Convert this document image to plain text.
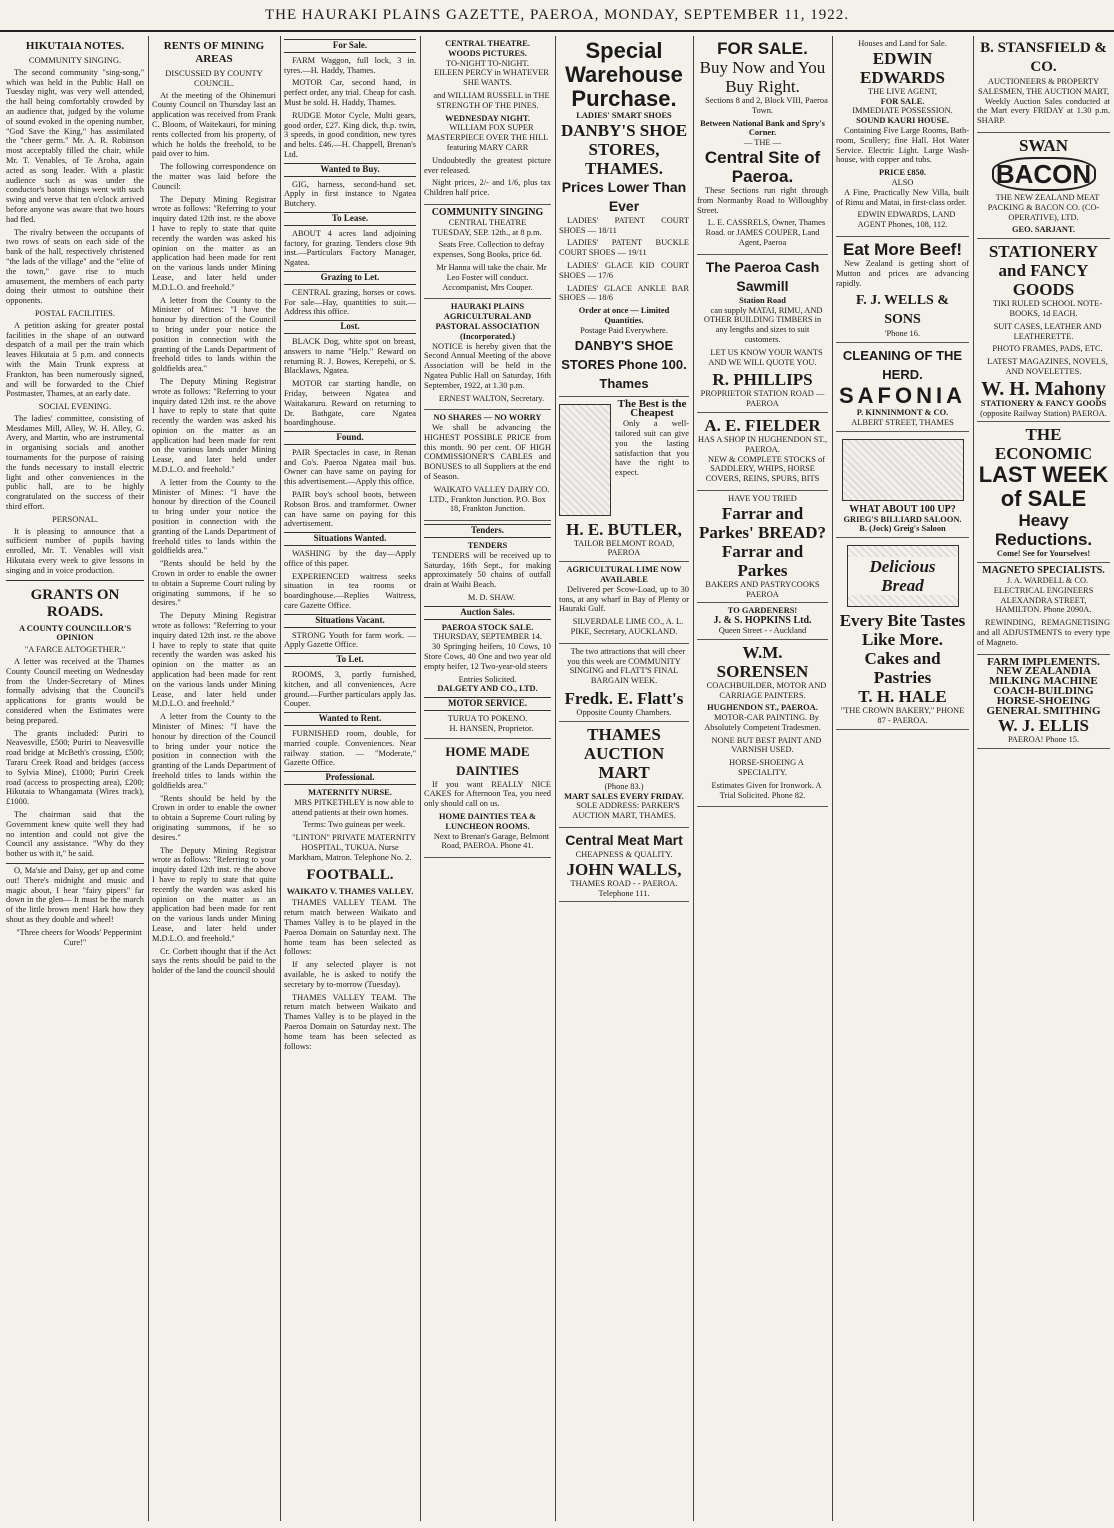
THE HAURAKI PLAINS GAZETTE, PAEROA, MONDAY, SEPTEMBER 11, 1922.
HIKUTAIA NOTES.
COMMUNITY SINGING.

The second community "sing-song," which was held in the Public Hall on Tuesday night, was very well attended, the hall being comfortably crowded by an audience that, judged by the volume of sound evoked in the opening number, "God Save the King," has assimilated the "cheer germ." Mr. A. R. Robinson most acceptably filled the chair, while Mr. T. Venables, of Te Aroha, again acted as song leader. With a plastic audience such as was under the conductor's baton things went with such swing and verve that ten o'clock arrived before anyone was aware that two hours had fled.

The rivalry between the occupants of two rows of seats on each side of the bank of the hall, respectively christened "the lads of the village" and the "elite of the town," gave rise to much amusement, the members of each party doing their utmost to outshine their opponents.

POSTAL FACILITIES.

A petition asking for greater postal facilities in the shape of an outward despatch of a mail per the train which leaves Hikutaia at 5 p.m. and connects with the Main Trunk express at Frankton, has been numerously signed, and will be forwarded to the Chief Postmaster, Thames, at an early date.

SOCIAL EVENING.

The ladies' committee, consisting of Mesdames Mill, Alley, W. H. Alley, G. Avery, and Martin, who are instrumental in organising socials and another tournaments for the purpose of raising the funds necessary to install electric light and other conveniences in the public hall, are to be highly congratulated on the success of their third effort.

PERSONAL.

It is pleasing to announce that a sufficient number of pupils having enrolled, Mr. T. Venables will visit Hikutaia every week to give lessons in singing and in voice production.

GRANTS ON ROADS.
A COUNTY COUNCILLOR'S OPINION
"A FARCE ALTOGETHER."

A letter was received at the Thames County Council meeting on Wednesday from the Under-Secretary of Mines formally advising that the Council's applications for grants would be considered when the Estimates were being prepared.

The grants included: Puriri to Neavesville, £500; Puriri to Neavesville road bridge at McBeth's crossing, £500; Tararu Creek Road and bridges (access to Sylvia Mine), £1000; Puriri Creek road (access to prospecting area), £200; Hikutaia to Whangamata (Wires track), £1000.

The chairman said that the Government knew quite well they had no intention and could not give the Council any assistance. "Why do they bother us with it," he said.

O, Ma'sie and Daisy, get up and come out! There's midnight and music and magic about, I hear "fairy pipers" far down in the glen— It must be the march of the little brown men! Hark how they shout as they double and wheel!

"Three cheers for Woods' Peppermint Cure!"

RENTS OF MINING AREAS
DISCUSSED BY COUNTY COUNCIL.

At the meeting of the Ohinemuri County Council on Thursday last an application was received from Frank C. Bloom, of Waitekauri, for mining rents collected from his property, of which he holds the freehold, to be paid over to him.

The following correspondence on the matter was laid before the Council:

The Deputy Mining Registrar wrote as follows: "Referring to your inquiry dated 12th inst. re the above I have to reply to state that quite recently the warden was asked his opinion on the matter as an application had been made for rent on the various lands under Mining Lease, and later held under M.D.L.O. and freehold."

A letter from the County to the Minister of Mines: "I have the honour by direction of the Council to bring under your notice the position in connection with the granting of the Lands Department of freehold titles to lands within the goldfields area."

The Deputy Mining Registrar wrote as follows: "Referring to your inquiry dated 12th inst. re the above I have to reply to state that quite recently the warden was asked his opinion on the matter as an application had been made for rent on the various lands under Mining Lease, and later held under M.D.L.O. and freehold."

A letter from the County to the Minister of Mines: "I have the honour by direction of the Council to bring under your notice the position in connection with the granting of the Lands Department of freehold titles to lands within the goldfields area."

"Rents should be held by the Crown in order to enable the owner to obtain a Supreme Court ruling by originating summons, if he so desires."

The Deputy Mining Registrar wrote as follows: "Referring to your inquiry dated 12th inst. re the above I have to reply to state that quite recently the warden was asked his opinion on the matter as an application had been made for rent on the various lands under Mining Lease, and later held under M.D.L.O. and freehold."

A letter from the County to the Minister of Mines: "I have the honour by direction of the Council to bring under your notice the position in connection with the granting of the Lands Department of freehold titles to lands within the goldfields area."

"Rents should be held by the Crown in order to enable the owner to obtain a Supreme Court ruling by originating summons, if he so desires."

The Deputy Mining Registrar wrote as follows: "Referring to your inquiry dated 12th inst. re the above I have to reply to state that quite recently the warden was asked his opinion on the matter as an application had been made for rent on the various lands under Mining Lease, and later held under M.D.L.O. and freehold."

Cr. Corbett thought that if the Act says the rents should be paid to the holder of the land the council should

For Sale.

FARM Waggon, full lock, 3 in. tyres.—H. Haddy, Thames.

MOTOR Car, second hand, in perfect order, any trial. Cheap for cash. Must be sold. H. Haddy, Thames.

RUDGE Motor Cycle, Multi gears, good order, £27. King dick, th.p. twin, 3 speeds, in good condition, new tyres and belts. £46.—H. Chappell, Brenan's Ltd.

Wanted to Buy.

GIG, harness, second-hand set. Apply in first instance to Ngatea Butchery.

To Lease.

ABOUT 4 acres land adjoining factory, for grazing. Tenders close 9th inst.—Particulars Factory Manager, Ngatea.

Grazing to Let.

CENTRAL grazing, horses or cows. For sale—Hay, quantities to suit.—Address this office.

Lost.

BLACK Dog, white spot on breast, answers to name "Help." Reward on returning R. J. Bowes, Kerepehi, or S. Blacklaws, Ngatea.

MOTOR car starting handle, on Friday, between Ngatea and Waitakaruru. Reward on returning to Dr. Bathgate, care Ngatea boardinghouse.

Found.

PAIR Spectacles in case, in Renan and Co's. Paeroa Ngatea mail bus. Owner can have same on paying for this advertisement.—Apply this office.

PAIR boy's school boots, between Robson Bros. and tramformer. Owner can have same on paying for this advertisement.

Situations Wanted.

WASHING by the day—Apply office of this paper.

EXPERIENCED waitress seeks situation in tea rooms or boardinghouse.—Replies Waitress, care Gazette Office.

Situations Vacant.

STRONG Youth for farm work. —Apply Gazette Office.

To Let.

ROOMS, 3, partly furnished, kitchen, and all conveniences, Acre ground.—Further particulars apply Jas. Couper.

Wanted to Rent.

FURNISHED room, double, for married couple. Conveniences. Near railway station. — "Moderate," Gazette Office.

Professional.
MATERNITY NURSE.

MRS PITKETHLEY is now able to attend patients at their own homes.

Terms: Two guineas per week.

"LINTON" PRIVATE MATERNITY HOSPITAL, TUKUA. Nurse Markham, Matron. Telephone No. 2.

FOOTBALL.
WAIKATO V. THAMES VALLEY.

THAMES VALLEY TEAM. The return match between Waikato and Thames Valley is to be played in the Paeroa Domain on Saturday next. The home team has been selected as follows:

If any selected player is not available, he is asked to notify the secretary by to-morrow (Tuesday).

THAMES VALLEY TEAM. The return match between Waikato and Thames Valley is to be played in the Paeroa Domain on Saturday next. The home team has been selected as follows:

CENTRAL THEATRE.
WOODS PICTURES.
TO-NIGHT TO-NIGHT.

EILEEN PERCY in WHATEVER SHE WANTS.

and WILLIAM RUSSELL in THE STRENGTH OF THE PINES.

WEDNESDAY NIGHT.

WILLIAM FOX SUPER MASTERPIECE OVER THE HILL featuring MARY CARR

Undoubtedly the greatest picture ever released.

Night prices, 2/- and 1/6, plus tax Children half price.

COMMUNITY SINGING
CENTRAL THEATRE

TUESDAY, SEP. 12th., at 8 p.m.

Seats Free. Collection to defray expenses, Song Books, price 6d.

Mr Hanna will take the chair. Mr Leo Foster will conduct. Accompanist, Mrs Couper.

HAURAKI PLAINS AGRICULTURAL AND PASTORAL ASSOCIATION (Incorporated.)

NOTICE is hereby given that the Second Annual Meeting of the above Association will be held in the Ngatea Public Hall on Saturday, 16th September, 1922, at 1.30 p.m.

ERNEST WALTON, Secretary.

NO SHARES — NO WORRY

We shall be advancing the HIGHEST POSSIBLE PRICE from this month. 90 per cent. OF HIGH COMMISSIONER'S CABLES and BONUSES to all Suppliers at the end of Season.

WAIKATO VALLEY DAIRY CO. LTD., Frankton Junction. P.O. Box 18, Frankton Junction.

Tenders.
TENDERS

TENDERS will be received up to Saturday, 16th Sept., for making approximately 50 chains of outfall drain at Waihi Beach.

M. D. SHAW.

Auction Sales.
PAEROA STOCK SALE.
THURSDAY, SEPTEMBER 14.

30 Springing heifers, 10 Cows, 10 Store Cows, 40 One and two year old empty heifer, 12 Two-year-old steers

Entries Solicited.
DALGETY AND CO., LTD.
MOTOR SERVICE.
TURUA TO POKENO.

H. HANSEN, Proprietor.

HOME MADE DAINTIES

If you want REALLY NICE CAKES for Afternoon Tea, you need only should call on us.

HOME DAINTIES TEA & LUNCHEON ROOMS.

Next to Brenan's Garage, Belmont Road, PAEROA. Phone 41.

Special Warehouse
Purchase.
LADIES' SMART SHOES
DANBY'S SHOE STORES, THAMES.
Prices Lower Than Ever

LADIES' PATENT COURT SHOES — 18/11

LADIES' PATENT BUCKLE COURT SHOES — 19/11

LADIES' GLACE KID COURT SHOES — 17/6

LADIES' GLACE ANKLE BAR SHOES — 18/6

Order at once — Limited Quantities.
Postage Paid Everywhere.
DANBY'S SHOE STORES Phone 100. Thames
The Best is the Cheapest

Only a well-tailored suit can give you the lasting satisfaction that you have the right to expect.

H. E. BUTLER,
TAILOR BELMONT ROAD, PAEROA
AGRICULTURAL LIME NOW AVAILABLE

Delivered per Scow-Load, up to 30 tons, at any wharf in Bay of Plenty or Hauraki Gulf.

SILVERDALE LIME CO., A. L. PIKE, Secretary, AUCKLAND.

The two attractions that will cheer you this week are COMMUNITY SINGING and FLATT'S FINAL BARGAIN WEEK.

Fredk. E. Flatt's
Opposite County Chambers.
THAMES AUCTION MART
(Phone 83.)
MART SALES EVERY FRIDAY.

SOLE ADDRESS: PARKER'S AUCTION MART, THAMES.

Central Meat Mart
CHEAPNESS & QUALITY.
JOHN WALLS,
THAMES ROAD - - PAEROA. Telephone 111.
FOR SALE.
Buy Now and You Buy Right.

Sections 8 and 2, Block VIII, Paeroa Town.

Between National Bank and Spry's Corner.
— THE —
Central Site of Paeroa.

These Sections run right through from Normanby Road to Willoughby Street.

L. E. CASSRELS, Owner, Thames Road. or JAMES COUPER, Land Agent, Paeroa

The Paeroa Cash Sawmill
Station Road

can supply MATAI, RIMU, AND OTHER BUILDING TIMBERS in any lengths and sizes to suit customers.

LET US KNOW YOUR WANTS AND WE WILL QUOTE YOU.

R. PHILLIPS
PROPRIETOR STATION ROAD — PAEROA
A. E. FIELDER
HAS A SHOP IN HUGHENDON ST., PAEROA.

NEW & COMPLETE STOCKS of SADDLERY, WHIPS, HORSE COVERS, REINS, SPURS, BITS

HAVE YOU TRIED
Farrar and Parkes' BREAD?
Farrar and Parkes
BAKERS AND PASTRYCOOKS PAEROA
TO GARDENERS!
J. & S. HOPKINS Ltd.
Queen Street - - Auckland
W.M. SORENSEN

COACHBUILDER, MOTOR AND CARRIAGE PAINTERS.

HUGHENDON ST., PAEROA.

MOTOR-CAR PAINTING. By Absolutely Competent Tradesmen.

NONE BUT BEST PAINT AND VARNISH USED.

HORSE-SHOEING A SPECIALITY.

Estimates Given for Ironwork. A Trial Solicited. Phone 82.

Houses and Land for Sale.
EDWIN EDWARDS
THE LIVE AGENT,
FOR SALE.
IMMEDIATE POSSESSION.
SOUND KAURI HOUSE.

Containing Five Large Rooms, Bath-room, Scullery; fine Hall. Hot Water Service. Electric Light. Large Wash-house, with copper and tubs.

PRICE £850.
ALSO

A Fine, Practically New Villa, built of Rimu and Matai, in first-class order.

EDWIN EDWARDS, LAND AGENT Phones, 108, 112.

Eat More Beef!

New Zealand is getting short of Mutton and prices are advancing rapidly.

F. J. WELLS & SONS
'Phone 16.
CLEANING OF THE HERD.
SAFONIA
P. KINNINMONT & CO.
ALBERT STREET, THAMES
WHAT ABOUT 100 UP?
GRIEG'S BILLIARD SALOON.
B. (Jock) Greig's Saloon
Delicious Bread
Every Bite Tastes Like More.
Cakes and Pastries
T. H. HALE
"THE CROWN BAKERY," PHONE 87 - PAEROA.
B. STANSFIELD & CO.
AUCTIONEERS & PROPERTY SALESMEN, THE AUCTION MART,

Weekly Auction Sales conducted at the Mart every FRIDAY at 1.30 p.m. SHARP.

SWAN
BACON

THE NEW ZEALAND MEAT PACKING & BACON CO. (CO-OPERATIVE), LTD.

GEO. SARJANT.
STATIONERY and FANCY GOODS

TIKI RULED SCHOOL NOTE-BOOKS, 1d EACH.

SUIT CASES, LEATHER AND LEATHERETTE.

PHOTO FRAMES, PADS, ETC.

LATEST MAGAZINES, NOVELS, AND NOVELETTES.

W. H. Mahony
STATIONERY & FANCY GOODS
(opposite Railway Station) PAEROA.
THE ECONOMIC
LAST WEEK of SALE
Heavy Reductions.
Come! See for Yourselves!
MAGNETO SPECIALISTS.

J. A. WARDELL & CO. ELECTRICAL ENGINEERS ALEXANDRA STREET, HAMILTON. Phone 2090A.

REWINDING, REMAGNETISING and all ADJUSTMENTS to every type of Magneto.

FARM IMPLEMENTS.
NEW ZEALANDIA MILKING MACHINE
COACH-BUILDING HORSE-SHOEING GENERAL SMITHING
W. J. ELLIS
PAEROA! Phone 15.
